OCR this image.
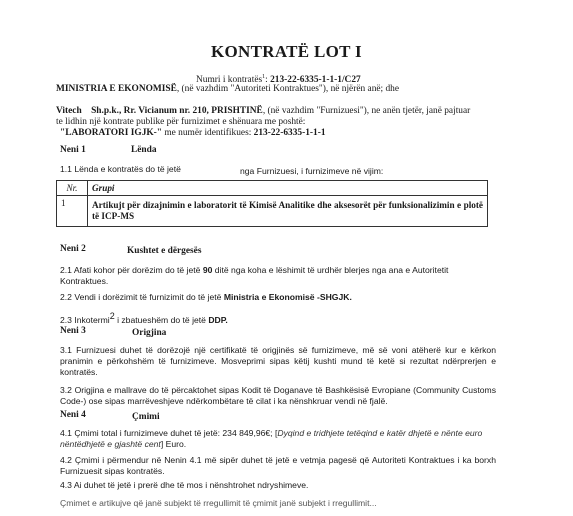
KONTRATË LOT I
Numri i kontratës$^1$: 213-22-6335-1-1-1/C27
MINISTRIA E EKONOMISË, (në vazhdim "Autoriteti Kontraktues"), në njërën anë; dhe
Vitech Sh.p.k., Rr. Vicianum nr. 210, PRISHTINË, (në vazhdim "Furnizuesi"), ne anën tjetër, janë pajtuar
te lidhin një kontrate publike për furnizimet e shënuara me poshtë:
"LABORATORI IGJK-" me numër identifikues: 213-22-6335-1-1-1
Neni 1	Lënda
1.1 Lënda e kontratës do të jetë	nga Furnizuesi, i furnizimeve në vijim:
Nr.	Grupi
1	Artikujt për dizajnimin e laboratorit të Kimisë Analitike dhe aksesorët për funksionalizimin e plotë të ICP-MS
Neni 2	Kushtet e dërgesës
2.1 Afati kohor për dorëzim do të jetë 90 ditë nga koha e lëshimit të urdhër blerjes nga ana e Autoritetit Kontraktues.
2.2 Vendi i dorëzimit të furnizimit do të jetë Ministria e Ekonomisë -SHGJK.
2.3 Inkotermi$^2$ i zbatueshëm do të jetë DDP.
Neni 3	Origjina
3.1 Furnizuesi duhet të dorëzojë një certifikatë të origjinës së furnizimeve, më së voni atëherë kur e kërkon pranimin e përkohshëm të furnizimeve. Mosveprimi sipas këtij kushti mund të ketë si rezultat ndërprerjen e kontratës.
3.2 Origjina e mallrave do të përcaktohet sipas Kodit të Doganave të Bashkësisë Evropiane (Community Customs Code-) ose sipas marrëveshjeve ndërkombëtare të cilat i ka nënshkruar vendi në fjalë.
Neni 4	Çmimi
4.1 Çmimi total i furnizimeve duhet të jetë: 234 849,96€; [Dyqind e tridhjete tetëqind e katër dhjetë e nënte euro nëntëdhjetë e gjashtë cent] Euro.
4.2 Çmimi i përmendur në Nenin 4.1 më sipër duhet të jetë e vetmja pagesë që Autoriteti Kontraktues i ka borxh Furnizuesit sipas kontratës.
4.3 Ai duhet të jetë i prerë dhe të mos i nënshtrohet ndryshimeve.
Çmimet e artikujve që janë subjekt të rregullimit të çmimit janë subjekt i rregullimit...
